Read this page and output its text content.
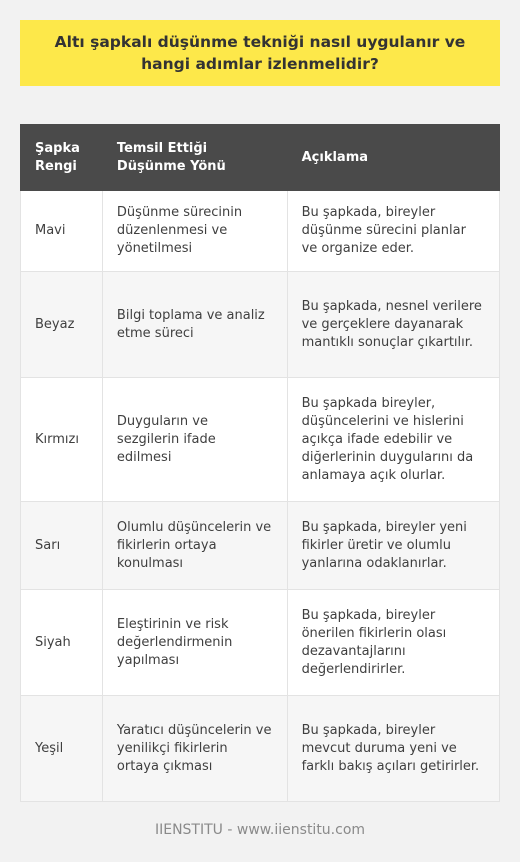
Altı şapkalı düşünme tekniği nasıl uygulanır ve hangi adımlar izlenmelidir?
Şapka Rengi	Temsil Ettiği Düşünme Yönü	Açıklama
Mavi	Düşünme sürecinin düzenlenmesi ve yönetilmesi	Bu şapkada, bireyler düşünme sürecini planlar ve organize eder.
Beyaz	Bilgi toplama ve analiz etme süreci	Bu şapkada, nesnel verilere ve gerçeklere dayanarak mantıklı sonuçlar çıkartılır.
Kırmızı	Duyguların ve sezgilerin ifade edilmesi	Bu şapkada bireyler, düşüncelerini ve hislerini açıkça ifade edebilir ve diğerlerinin duygularını da anlamaya açık olurlar.
Sarı	Olumlu düşüncelerin ve fikirlerin ortaya konulması	Bu şapkada, bireyler yeni fikirler üretir ve olumlu yanlarına odaklanırlar.
Siyah	Eleştirinin ve risk değerlendirmenin yapılması	Bu şapkada, bireyler önerilen fikirlerin olası dezavantajlarını değerlendirirler.
Yeşil	Yaratıcı düşüncelerin ve yenilikçi fikirlerin ortaya çıkması	Bu şapkada, bireyler mevcut duruma yeni ve farklı bakış açıları getirirler.
IIENSTITU - www.iienstitu.com
